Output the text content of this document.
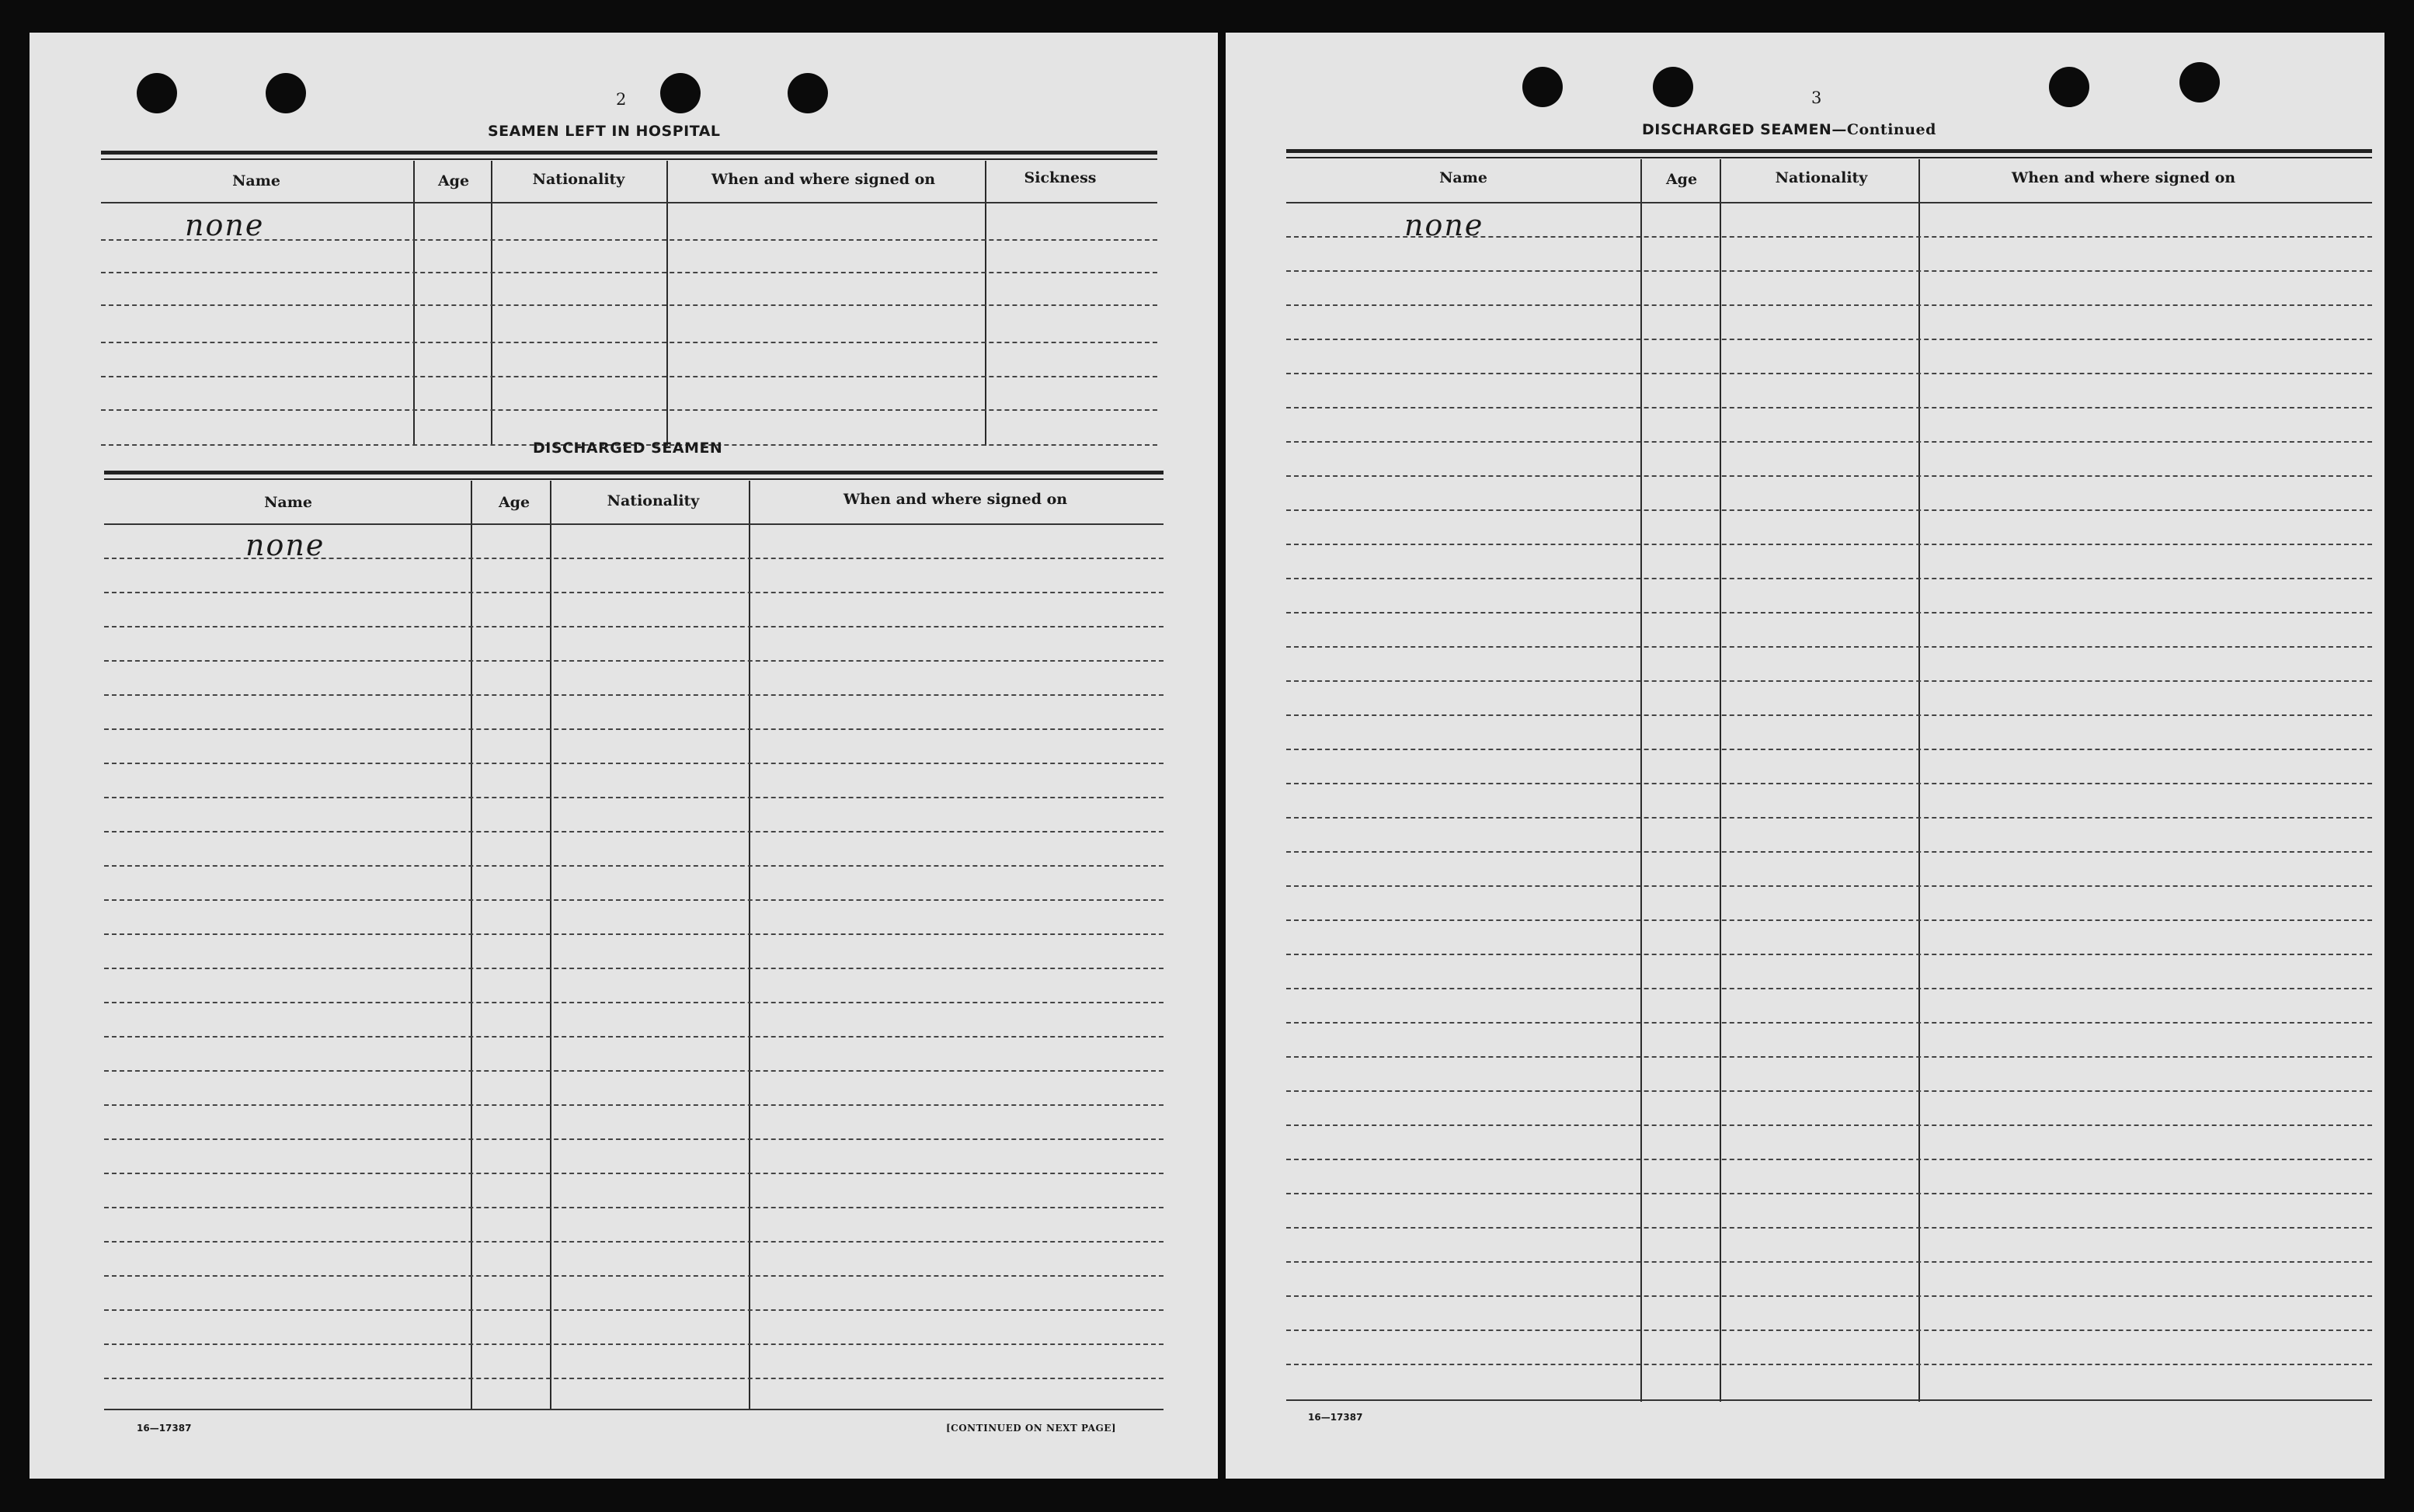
2
SEAMEN LEFT IN HOSPITAL
Name	Age	Nationality	When and where signed on	Sickness
none
DISCHARGED SEAMEN
Name	Age	Nationality	When and where signed on
none
16—17387	[CONTINUED ON NEXT PAGE]
3
DISCHARGED SEAMEN—Continued
Name	Age	Nationality	When and where signed on
none
16—17387
